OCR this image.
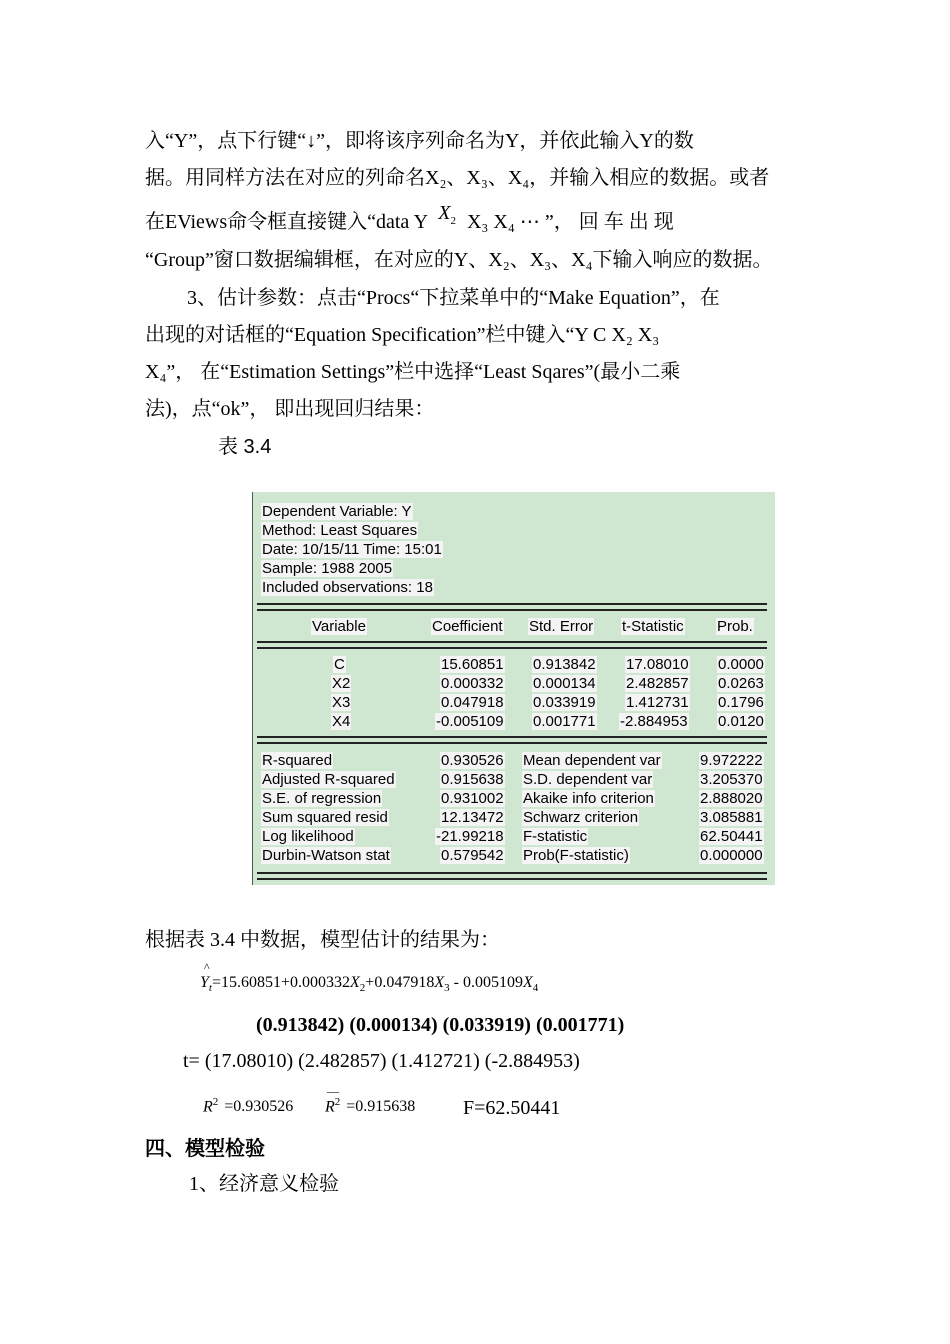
入“Y”，点下行键“↓”，即将该序列命名为Y，并依此输入Y的数
据。用同样方法在对应的列命名X₂、X₃、X₄，并输入相应的数据。或者
在EViews命令框直接键入“data Y $X_2$ X₃ X₄ ⋯ ”， 回 车 出 现
“Group”窗口数据编辑框，在对应的Y、X₂、X₃、X₄下输入响应的数据。
3、估计参数：点击“Procs“下拉菜单中的“Make Equation”，在
出现的对话框的“Equation Specification”栏中键入“Y C X₂ X₃
X₄”， 在“Estimation Settings”栏中选择“Least Sqares”(最小二乘
法)，点“ok”， 即出现回归结果：
表 3.4
Dependent Variable: Y
Method: Least Squares
Date: 10/15/11 Time: 15:01
Sample: 1988 2005
Included observations: 18
Variable	Coefficient Std. Error t-Statistic Prob.
C	15.60851 0.913842 17.08010 0.0000
X2	0.000332 0.000134 2.482857 0.0263
X3	0.047918 0.033919 1.412731 0.1796
X4	-0.005109 0.001771 -2.884953 0.0120
R-squared	0.930526 Mean dependent var	9.972222
Adjusted R-squared	0.915638 S.D. dependent var	3.205370
S.E. of regression	0.931002 Akaike info criterion	2.888020
Sum squared resid	12.13472 Schwarz criterion	3.085881
Log likelihood	-21.99218 F-statistic	62.50441
Durbin-Watson stat	0.579542 Prob(F-statistic)	0.000000
根据表 3.4 中数据，模型估计的结果为：
^
$Y_t=15.60851+0.000332X_2+0.047918X_3 - 0.005109X_4$
(0.913842) (0.000134) (0.033919) (0.001771)
t= (17.08010) (2.482857) (1.412721) (-2.884953)
$R^2 =0.930526$
—
$R^2 =0.915638$ F=62.50441
四、模型检验
1、经济意义检验
